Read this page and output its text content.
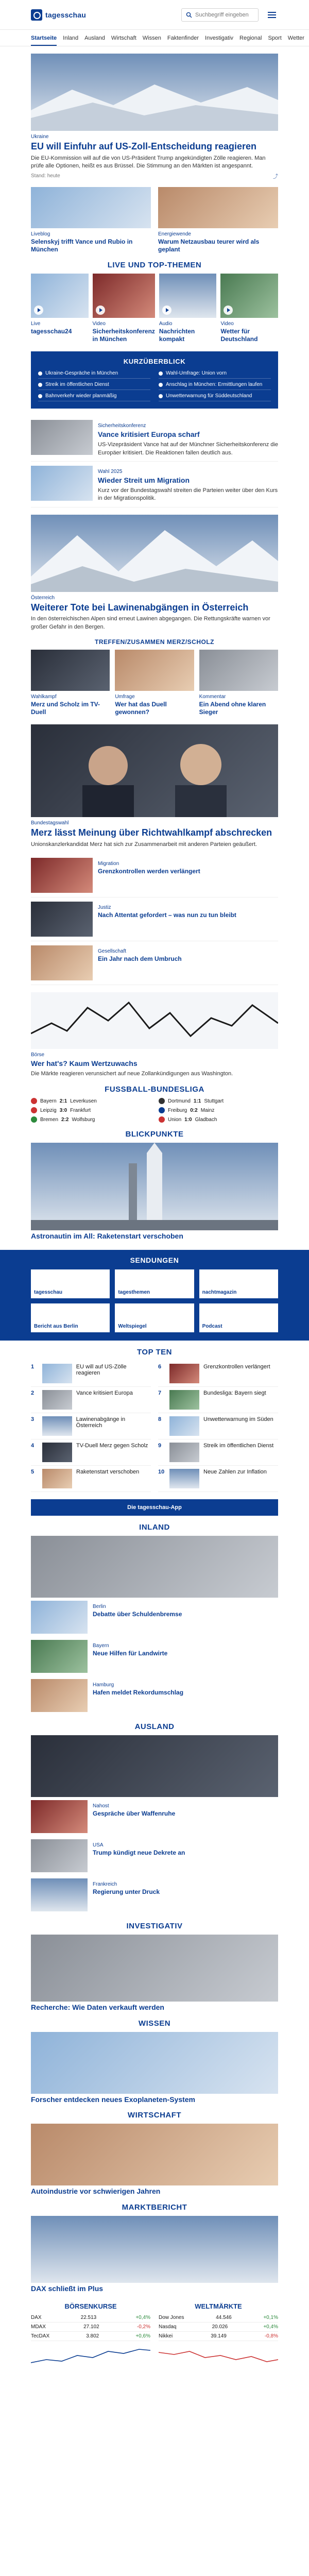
tagesschau	Suchbegriff eingeben
Startseite Inland Ausland Wirtschaft Wissen Faktenfinder Investigativ Regional Sport Wetter
Ukraine
EU will Einfuhr auf US-Zoll-Entscheidung reagieren
Die EU-Kommission will auf die von US-Präsident Trump angekündigten Zölle reagieren. Man prüfe alle Optionen, heißt es aus Brüssel. Die Stimmung an den Märkten ist angespannt.
Stand: heute	⤴
Liveblog
Selenskyj trifft Vance und Rubio in München
Energiewende
Warum Netzausbau teurer wird als geplant
LIVE UND TOP-THEMEN
Live
tagesschau24
Video
Sicherheitskonferenz in München
Audio
Nachrichten kompakt
Video
Wetter für Deutschland
KURZÜBERBLICK
Ukraine-Gespräche in München	Wahl-Umfrage: Union vorn
Streik im öffentlichen Dienst	Anschlag in München: Ermittlungen laufen
Bahnverkehr wieder planmäßig	Unwetterwarnung für Süddeutschland
Sicherheitskonferenz
Vance kritisiert Europa scharf
US-Vizepräsident Vance hat auf der Münchner Sicherheitskonferenz die Europäer kritisiert. Die Reaktionen fallen deutlich aus.
Wahl 2025
Wieder Streit um Migration
Kurz vor der Bundestagswahl streiten die Parteien weiter über den Kurs in der Migrationspolitik.
Österreich
Weiterer Tote bei Lawinenabgängen in Österreich
In den österreichischen Alpen sind erneut Lawinen abgegangen. Die Rettungskräfte warnen vor großer Gefahr in den Bergen.
TREFFEN/ZUSAMMEN MERZ/SCHOLZ
Wahlkampf
Merz und Scholz im TV-Duell
Umfrage
Wer hat das Duell gewonnen?
Kommentar
Ein Abend ohne klaren Sieger
Bundestagswahl
Merz lässt Meinung über Richtwahlkampf abschrecken
Unionskanzlerkandidat Merz hat sich zur Zusammenarbeit mit anderen Parteien geäußert.
Migration
Grenzkontrollen werden verlängert
Justiz
Nach Attentat gefordert – was nun zu tun bleibt
Gesellschaft
Ein Jahr nach dem Umbruch
Börse
Wer hat's? Kaum Wertzuwachs
Die Märkte reagieren verunsichert auf neue Zollankündigungen aus Washington.
FUSSBALL-BUNDESLIGA
Bayern 2:1 Leverkusen	Dortmund 1:1 Stuttgart
Leipzig 3:0 Frankfurt	Freiburg 0:2 Mainz
Bremen 2:2 Wolfsburg	Union 1:0 Gladbach
BLICKPUNKTE
Astronautin im All: Raketenstart verschoben
SENDUNGEN
tagesschau	tagesthemen	nachtmagazin
Bericht aus Berlin	Weltspiegel	Podcast
TOP TEN
1	EU will auf US-Zölle reagieren
2	Vance kritisiert Europa
3	Lawinenabgänge in Österreich
4	TV-Duell Merz gegen Scholz
5	Raketenstart verschoben
6	Grenzkontrollen verlängert
7	Bundesliga: Bayern siegt
8	Unwetterwarnung im Süden
9	Streik im öffentlichen Dienst
10	Neue Zahlen zur Inflation
Die tagesschau-App
INLAND
Berlin
Debatte über Schuldenbremse
Bayern
Neue Hilfen für Landwirte
Hamburg
Hafen meldet Rekordumschlag
AUSLAND
Nahost
Gespräche über Waffenruhe
USA
Trump kündigt neue Dekrete an
Frankreich
Regierung unter Druck
INVESTIGATIV
Recherche: Wie Daten verkauft werden
WISSEN
Forscher entdecken neues Exoplaneten-System
WIRTSCHAFT
Autoindustrie vor schwierigen Jahren
MARKTBERICHT
DAX schließt im Plus
BÖRSENKURSE
DAX	22.513	+0,4%
MDAX	27.102	-0,2%
TecDAX	3.802	+0,6%
WELTMÄRKTE
Dow Jones	44.546	+0,1%
Nasdaq	20.026	+0,4%
Nikkei	39.149	-0,8%
